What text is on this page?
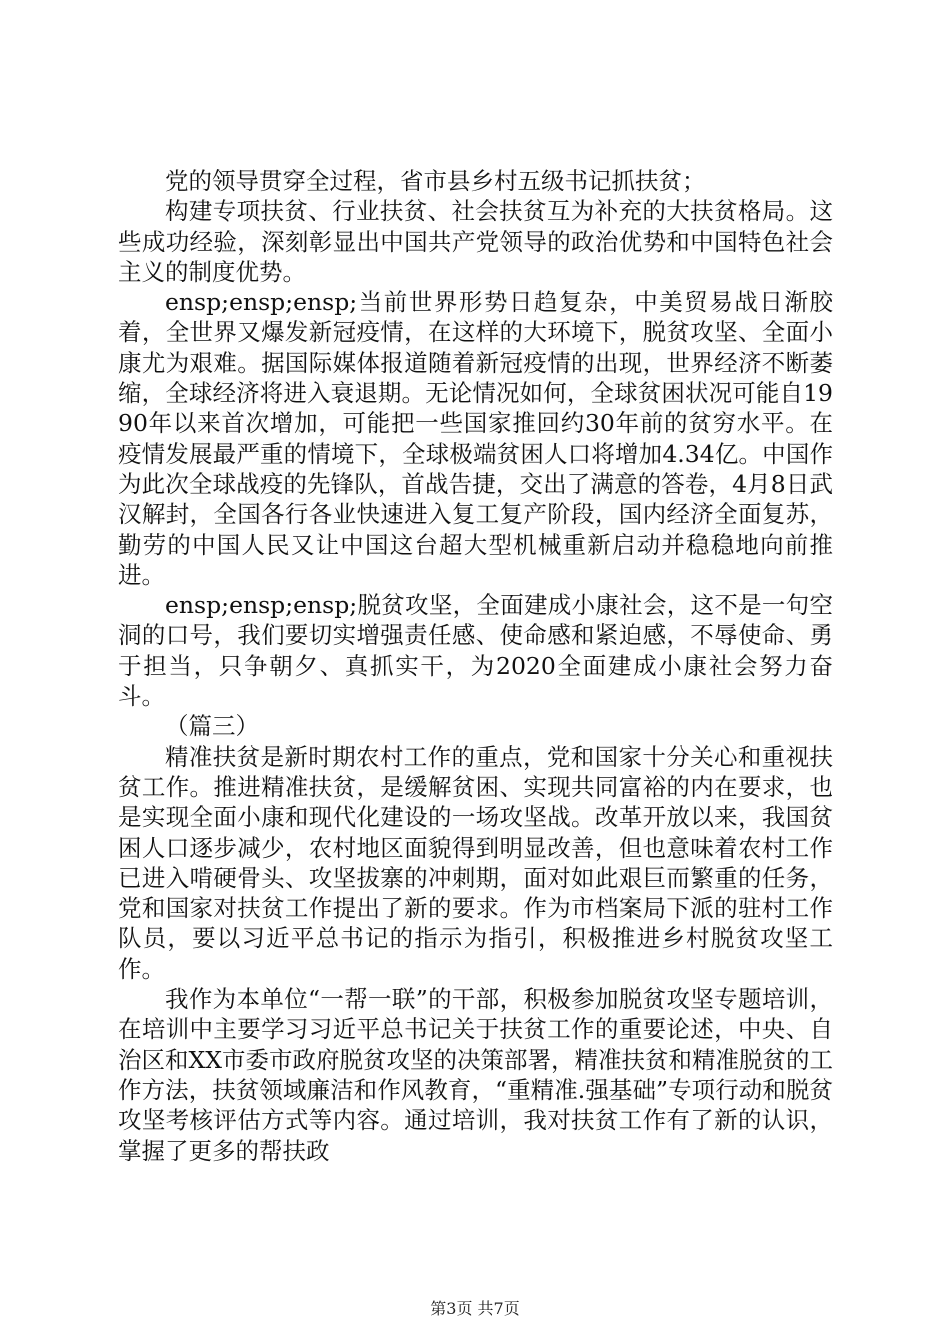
党的领导贯穿全过程，省市县乡村五级书记抓扶贫；

构建专项扶贫、行业扶贫、社会扶贫互为补充的大扶贫格局。这些成功经验，深刻彰显出中国共产党领导的政治优势和中国特色社会主义的制度优势。

ensp;ensp;ensp;当前世界形势日趋复杂，中美贸易战日渐胶着，全世界又爆发新冠疫情，在这样的大环境下，脱贫攻坚、全面小康尤为艰难。据国际媒体报道随着新冠疫情的出现，世界经济不断萎缩，全球经济将进入衰退期。无论情况如何，全球贫困状况可能自1990年以来首次增加，可能把一些国家推回约30年前的贫穷水平。在疫情发展最严重的情境下，全球极端贫困人口将增加4.34亿。中国作为此次全球战疫的先锋队，首战告捷，交出了满意的答卷，4月8日武汉解封，全国各行各业快速进入复工复产阶段，国内经济全面复苏，勤劳的中国人民又让中国这台超大型机械重新启动并稳稳地向前推进。

ensp;ensp;ensp;脱贫攻坚，全面建成小康社会，这不是一句空洞的口号，我们要切实增强责任感、使命感和紧迫感，不辱使命、勇于担当，只争朝夕、真抓实干，为2020全面建成小康社会努力奋斗。

（篇三）

精准扶贫是新时期农村工作的重点，党和国家十分关心和重视扶贫工作。推进精准扶贫，是缓解贫困、实现共同富裕的内在要求，也是实现全面小康和现代化建设的一场攻坚战。改革开放以来，我国贫困人口逐步减少，农村地区面貌得到明显改善，但也意味着农村工作已进入啃硬骨头、攻坚拔寨的冲刺期，面对如此艰巨而繁重的任务，党和国家对扶贫工作提出了新的要求。作为市档案局下派的驻村工作队员，要以习近平总书记的指示为指引，积极推进乡村脱贫攻坚工作。

我作为本单位“一帮一联”的干部，积极参加脱贫攻坚专题培训，在培训中主要学习习近平总书记关于扶贫工作的重要论述，中央、自治区和XX市委市政府脱贫攻坚的决策部署，精准扶贫和精准脱贫的工作方法，扶贫领域廉洁和作风教育，“重精准.强基础”专项行动和脱贫攻坚考核评估方式等内容。通过培训，我对扶贫工作有了新的认识，掌握了更多的帮扶政

第3页 共7页
